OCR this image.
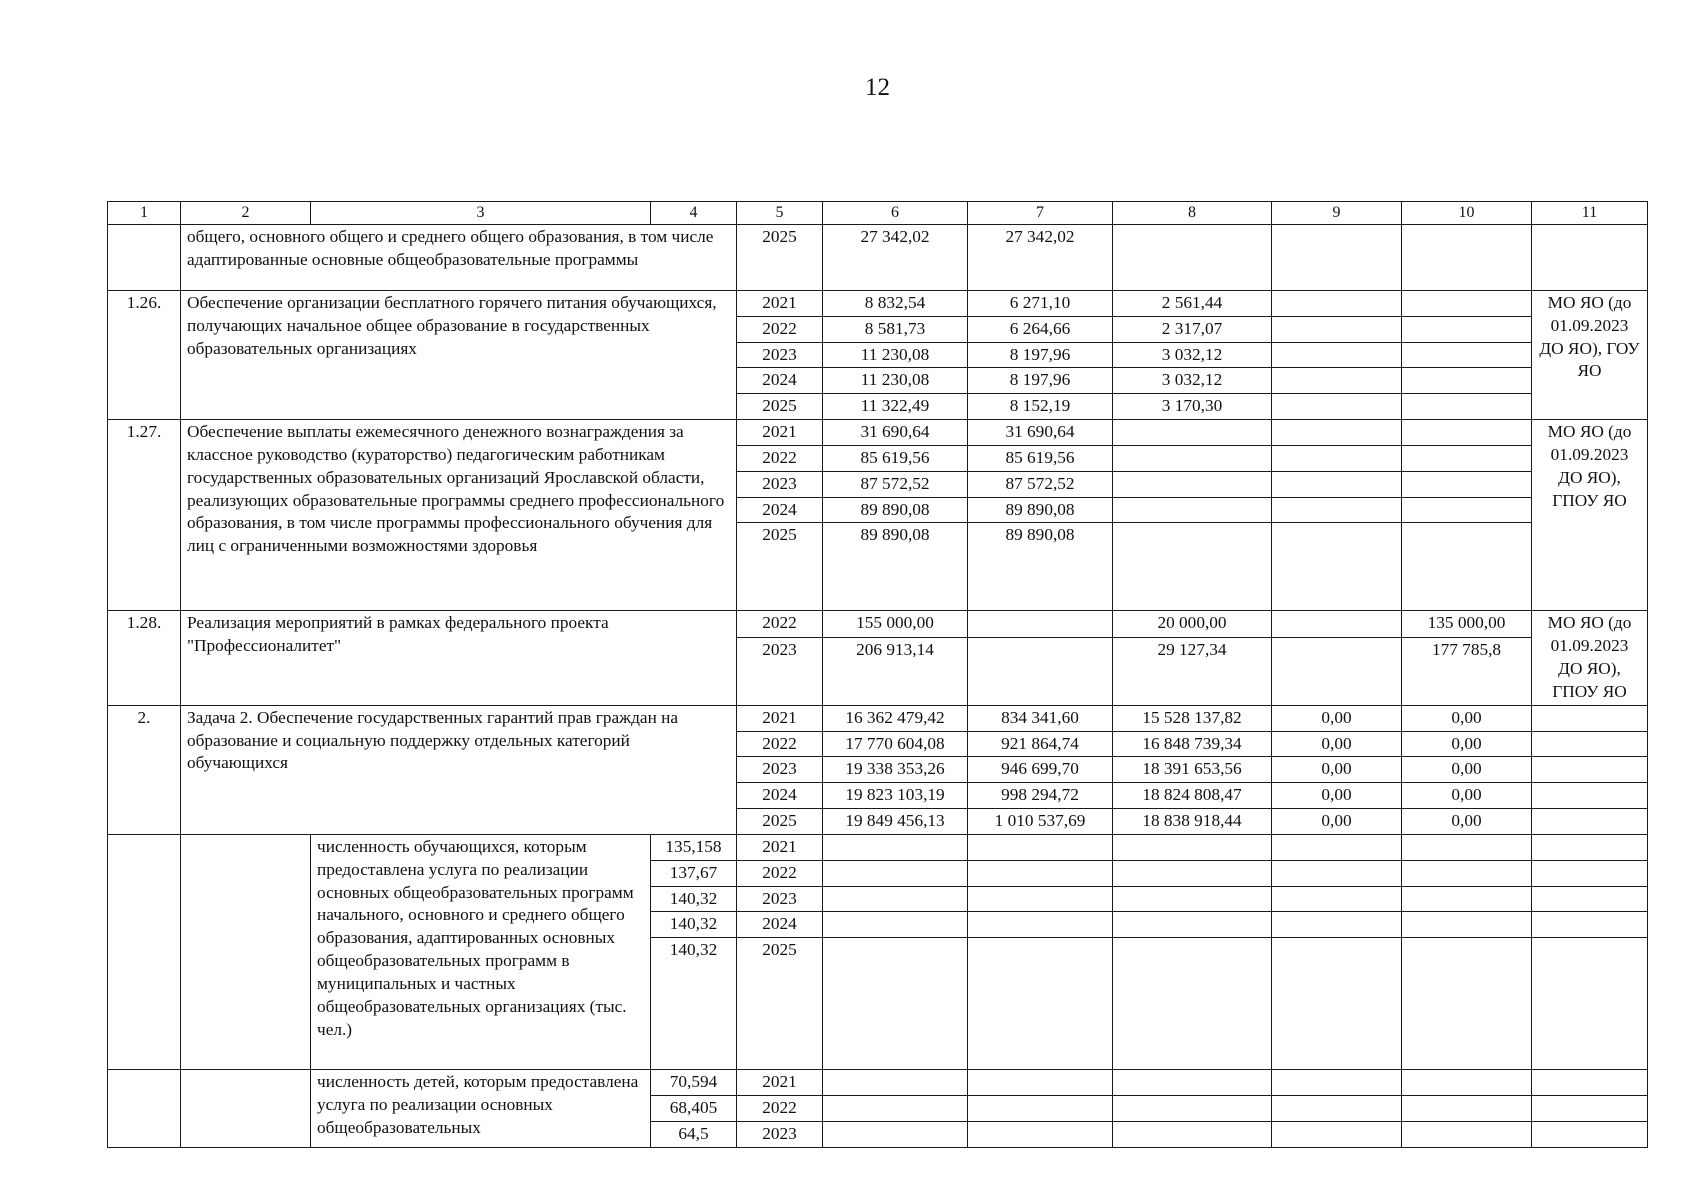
12
1	2	3	4	5	6	7	8	9	10	11
	общего, основного общего и среднего общего образования, в том числе адаптированные основные общеобразовательные программы			2025	27 342,02	27 342,02				
1.26.	Обеспечение организации бесплатного горячего питания обучающихся, получающих начальное общее образование в государственных образовательных организациях			2021	8 832,54	6 271,10	2 561,44			МО ЯО (до 01.09.2023 ДО ЯО), ГОУ ЯО
				2022	8 581,73	6 264,66	2 317,07			
				2023	11 230,08	8 197,96	3 032,12			
				2024	11 230,08	8 197,96	3 032,12			
				2025	11 322,49	8 152,19	3 170,30			
1.27.	Обеспечение выплаты ежемесячного денежного вознаграждения за классное руководство (кураторство) педагогическим работникам государственных образовательных организаций Ярославской области, реализующих образовательные программы среднего профессионального образования, в том числе программы профессионального обучения для лиц с ограниченными возможностями здоровья			2021	31 690,64	31 690,64				МО ЯО (до 01.09.2023 ДО ЯО), ГПОУ ЯО
				2022	85 619,56	85 619,56				
				2023	87 572,52	87 572,52				
				2024	89 890,08	89 890,08				
				2025	89 890,08	89 890,08				
1.28.	Реализация мероприятий в рамках федерального проекта "Профессионалитет"			2022	155 000,00		20 000,00		135 000,00	МО ЯО (до 01.09.2023 ДО ЯО), ГПОУ ЯО
				2023	206 913,14		29 127,34		177 785,8	
2.	Задача 2. Обеспечение государственных гарантий прав граждан на образование и социальную поддержку отдельных категорий обучающихся			2021	16 362 479,42	834 341,60	15 528 137,82	0,00	0,00	
				2022	17 770 604,08	921 864,74	16 848 739,34	0,00	0,00	
				2023	19 338 353,26	946 699,70	18 391 653,56	0,00	0,00	
				2024	19 823 103,19	998 294,72	18 824 808,47	0,00	0,00	
				2025	19 849 456,13	1 010 537,69	18 838 918,44	0,00	0,00	
		численность обучающихся, которым предоставлена услуга по реализации основных общеобразовательных программ начального, основного и среднего общего образования, адаптированных основных общеобразовательных программ в муниципальных и частных общеобразовательных организациях (тыс. чел.)	135,158	2021						
			137,67	2022						
			140,32	2023						
			140,32	2024						
			140,32	2025						
		численность детей, которым предоставлена услуга по реализации основных общеобразовательных	70,594	2021						
			68,405	2022						
			64,5	2023						
